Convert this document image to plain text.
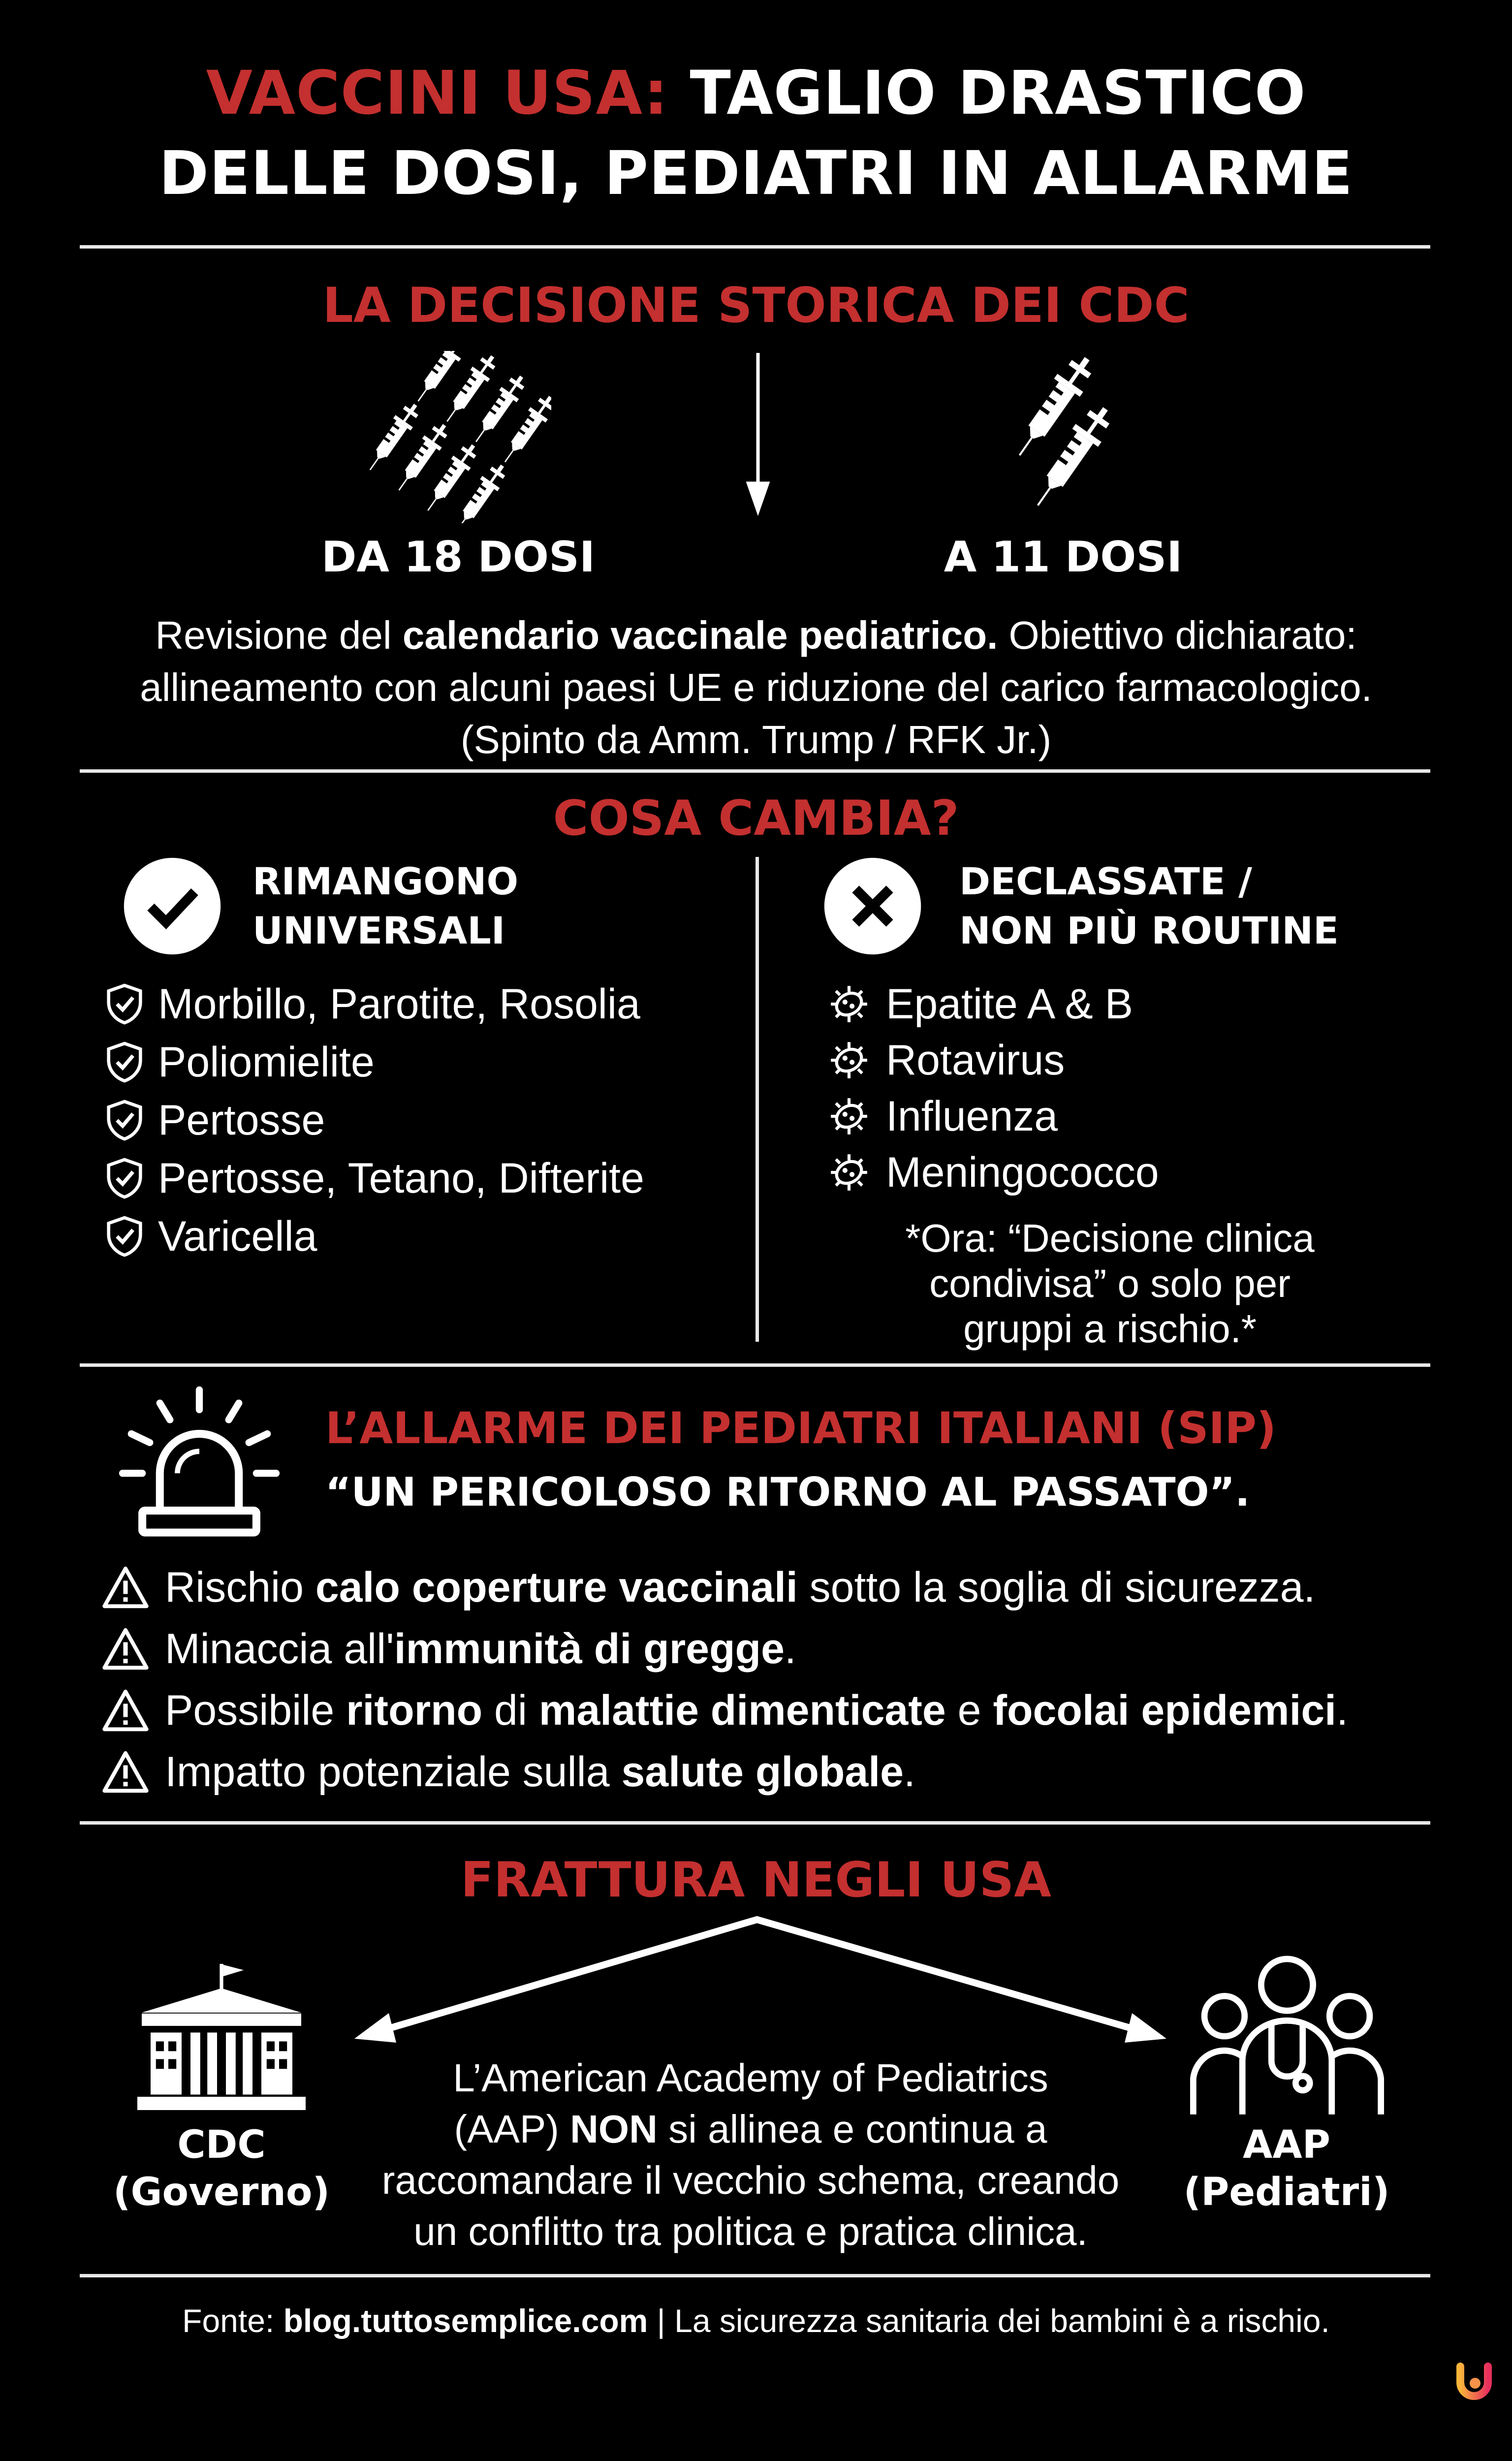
VACCINI USA: TAGLIO DRASTICO
DELLE DOSI, PEDIATRI IN ALLARME
LA DECISIONE STORICA DEI CDC
DA 18 DOSI	A 11 DOSI
Revisione del calendario vaccinale pediatrico. Obiettivo dichiarato:
allineamento con alcuni paesi UE e riduzione del carico farmacologico.
(Spinto da Amm. Trump / RFK Jr.)
COSA CAMBIA?
RIMANGONO
UNIVERSALI
DECLASSATE /
NON PIÙ ROUTINE
*Ora: “Decisione clinica
condivisa” o solo per
gruppi a rischio.*
L’ALLARME DEI PEDIATRI ITALIANI (SIP)
“UN PERICOLOSO RITORNO AL PASSATO”.
FRATTURA NEGLI USA
CDC
(Governo)
AAP
(Pediatri)
L’American Academy of Pediatrics
(AAP) NON si allinea e continua a
raccomandare il vecchio schema, creando
un conflitto tra politica e pratica clinica.
Fonte: blog.tuttosemplice.com | La sicurezza sanitaria dei bambini è a rischio.
Morbillo, Parotite, Rosolia
Poliomielite
Pertosse
Pertosse, Tetano, Difterite
Varicella
Epatite A & B
Rotavirus
Influenza
Meningococco
Rischio calo coperture vaccinali sotto la soglia di sicurezza.
Minaccia all'immunità di gregge.
Possibile ritorno di malattie dimenticate e focolai epidemici.
Impatto potenziale sulla salute globale.
